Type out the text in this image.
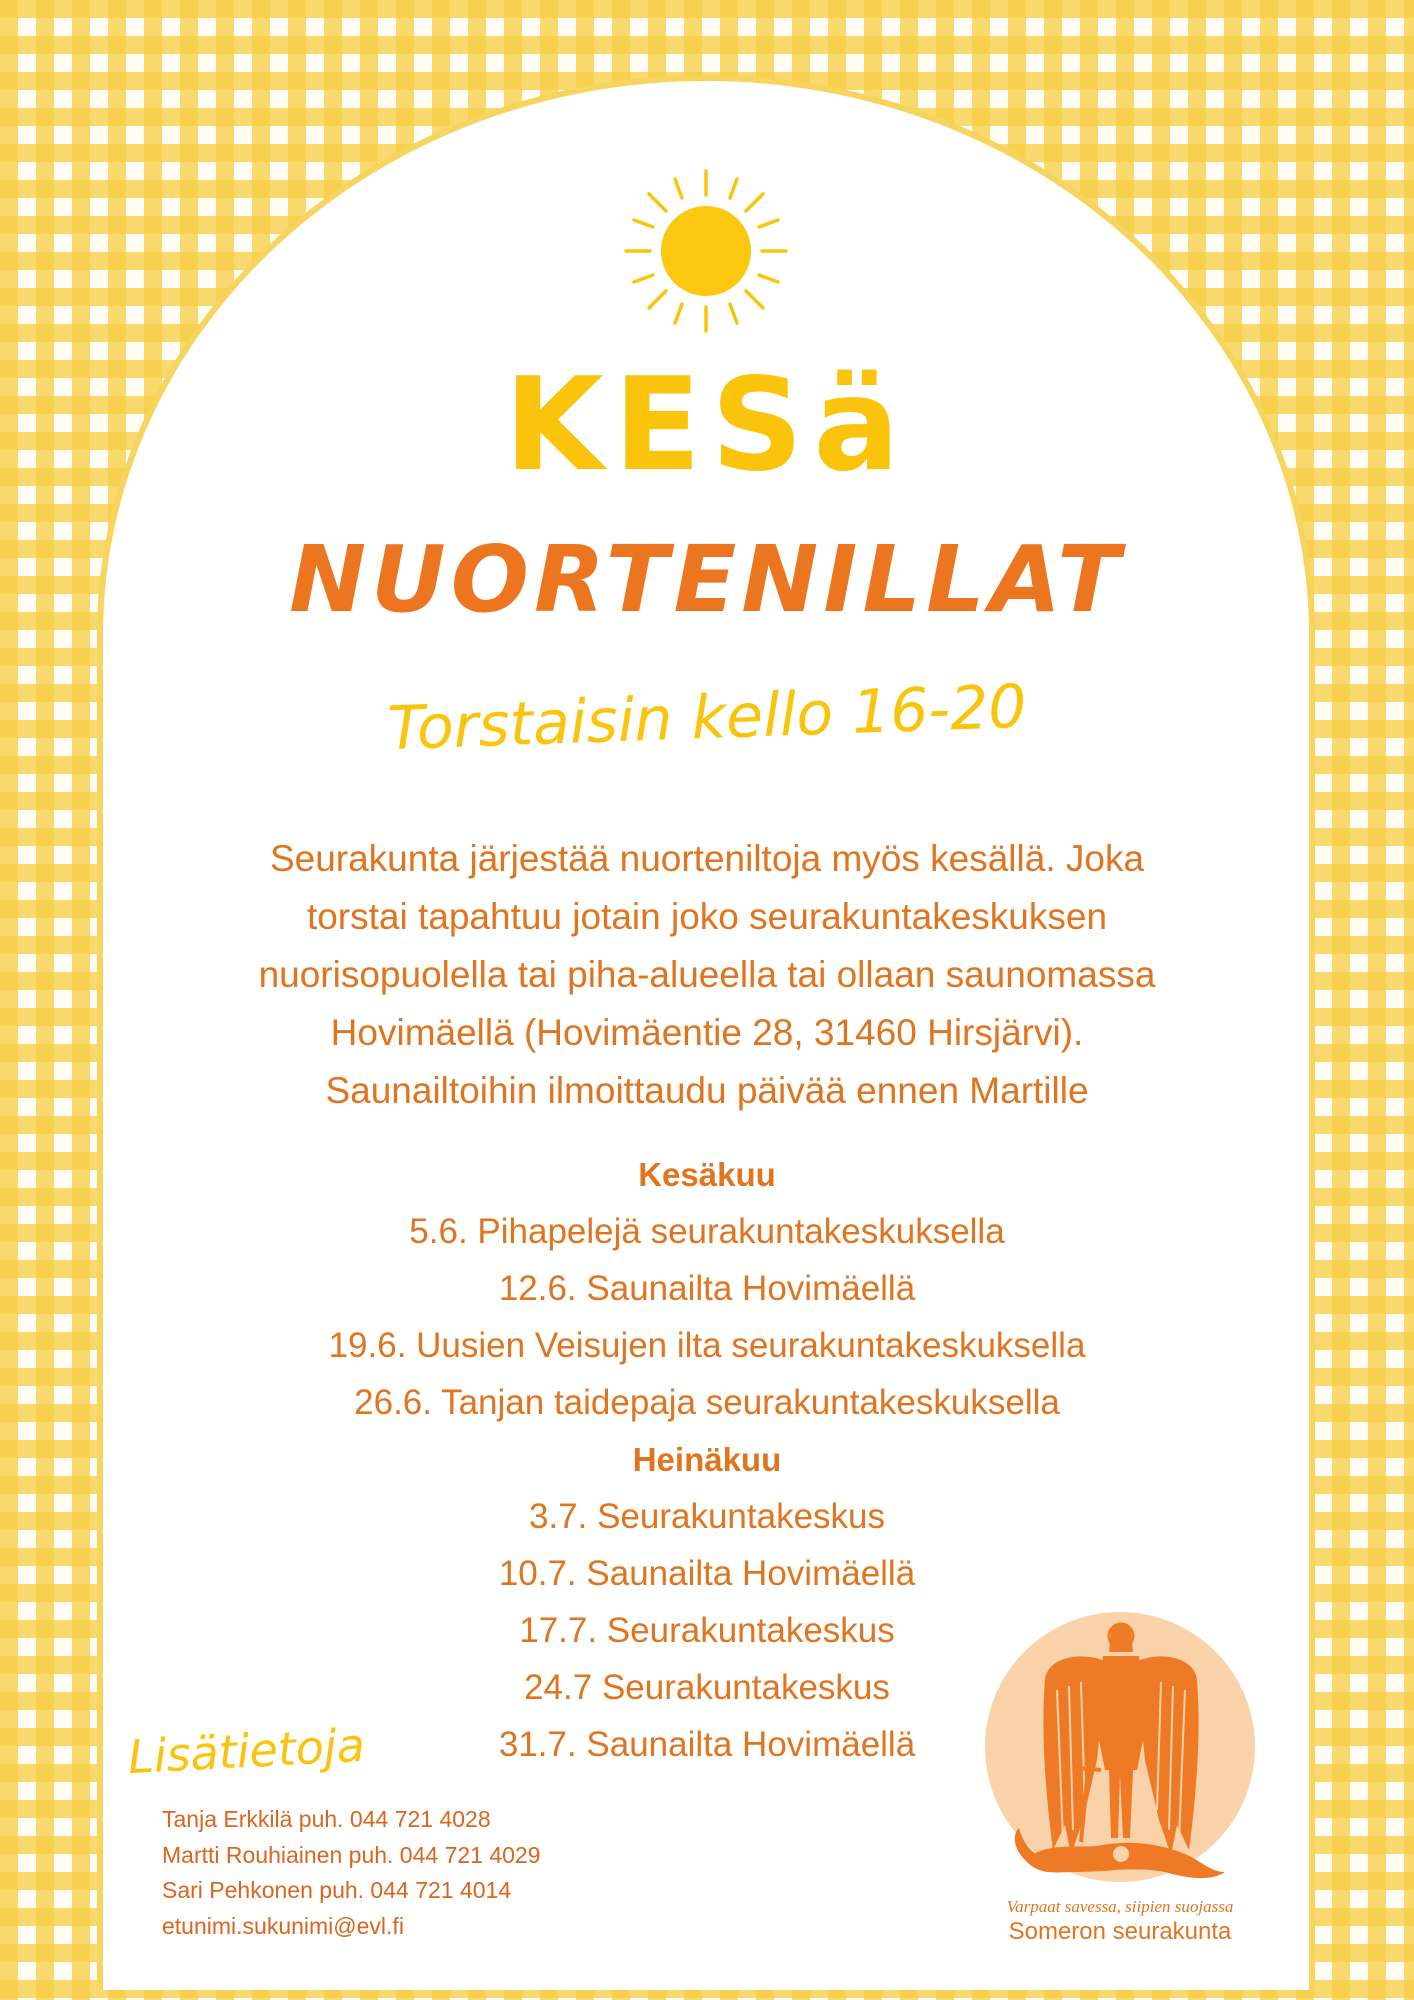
KESä
NUORTENILLAT
Torstaisin kello 16-20

Seurakunta järjestää nuorteniltoja myös kesällä. Joka
torstai tapahtuu jotain joko seurakuntakeskuksen
nuorisopuolella tai piha-alueella tai ollaan saunomassa
Hovimäellä (Hovimäentie 28, 31460 Hirsjärvi).
Saunailtoihin ilmoittaudu päivää ennen Martille

Kesäkuu
5.6. Pihapelejä seurakuntakeskuksella
12.6. Saunailta Hovimäellä
19.6. Uusien Veisujen ilta seurakuntakeskuksella
26.6. Tanjan taidepaja seurakuntakeskuksella
Heinäkuu
3.7. Seurakuntakeskus
10.7. Saunailta Hovimäellä
17.7. Seurakuntakeskus
24.7 Seurakuntakeskus
31.7. Saunailta Hovimäellä
Lisätietoja
Tanja Erkkilä puh. 044 721 4028
Martti Rouhiainen puh. 044 721 4029
Sari Pehkonen puh. 044 721 4014
etunimi.sukunimi@evl.fi
Varpaat savessa, siipien suojassa
Someron seurakunta
